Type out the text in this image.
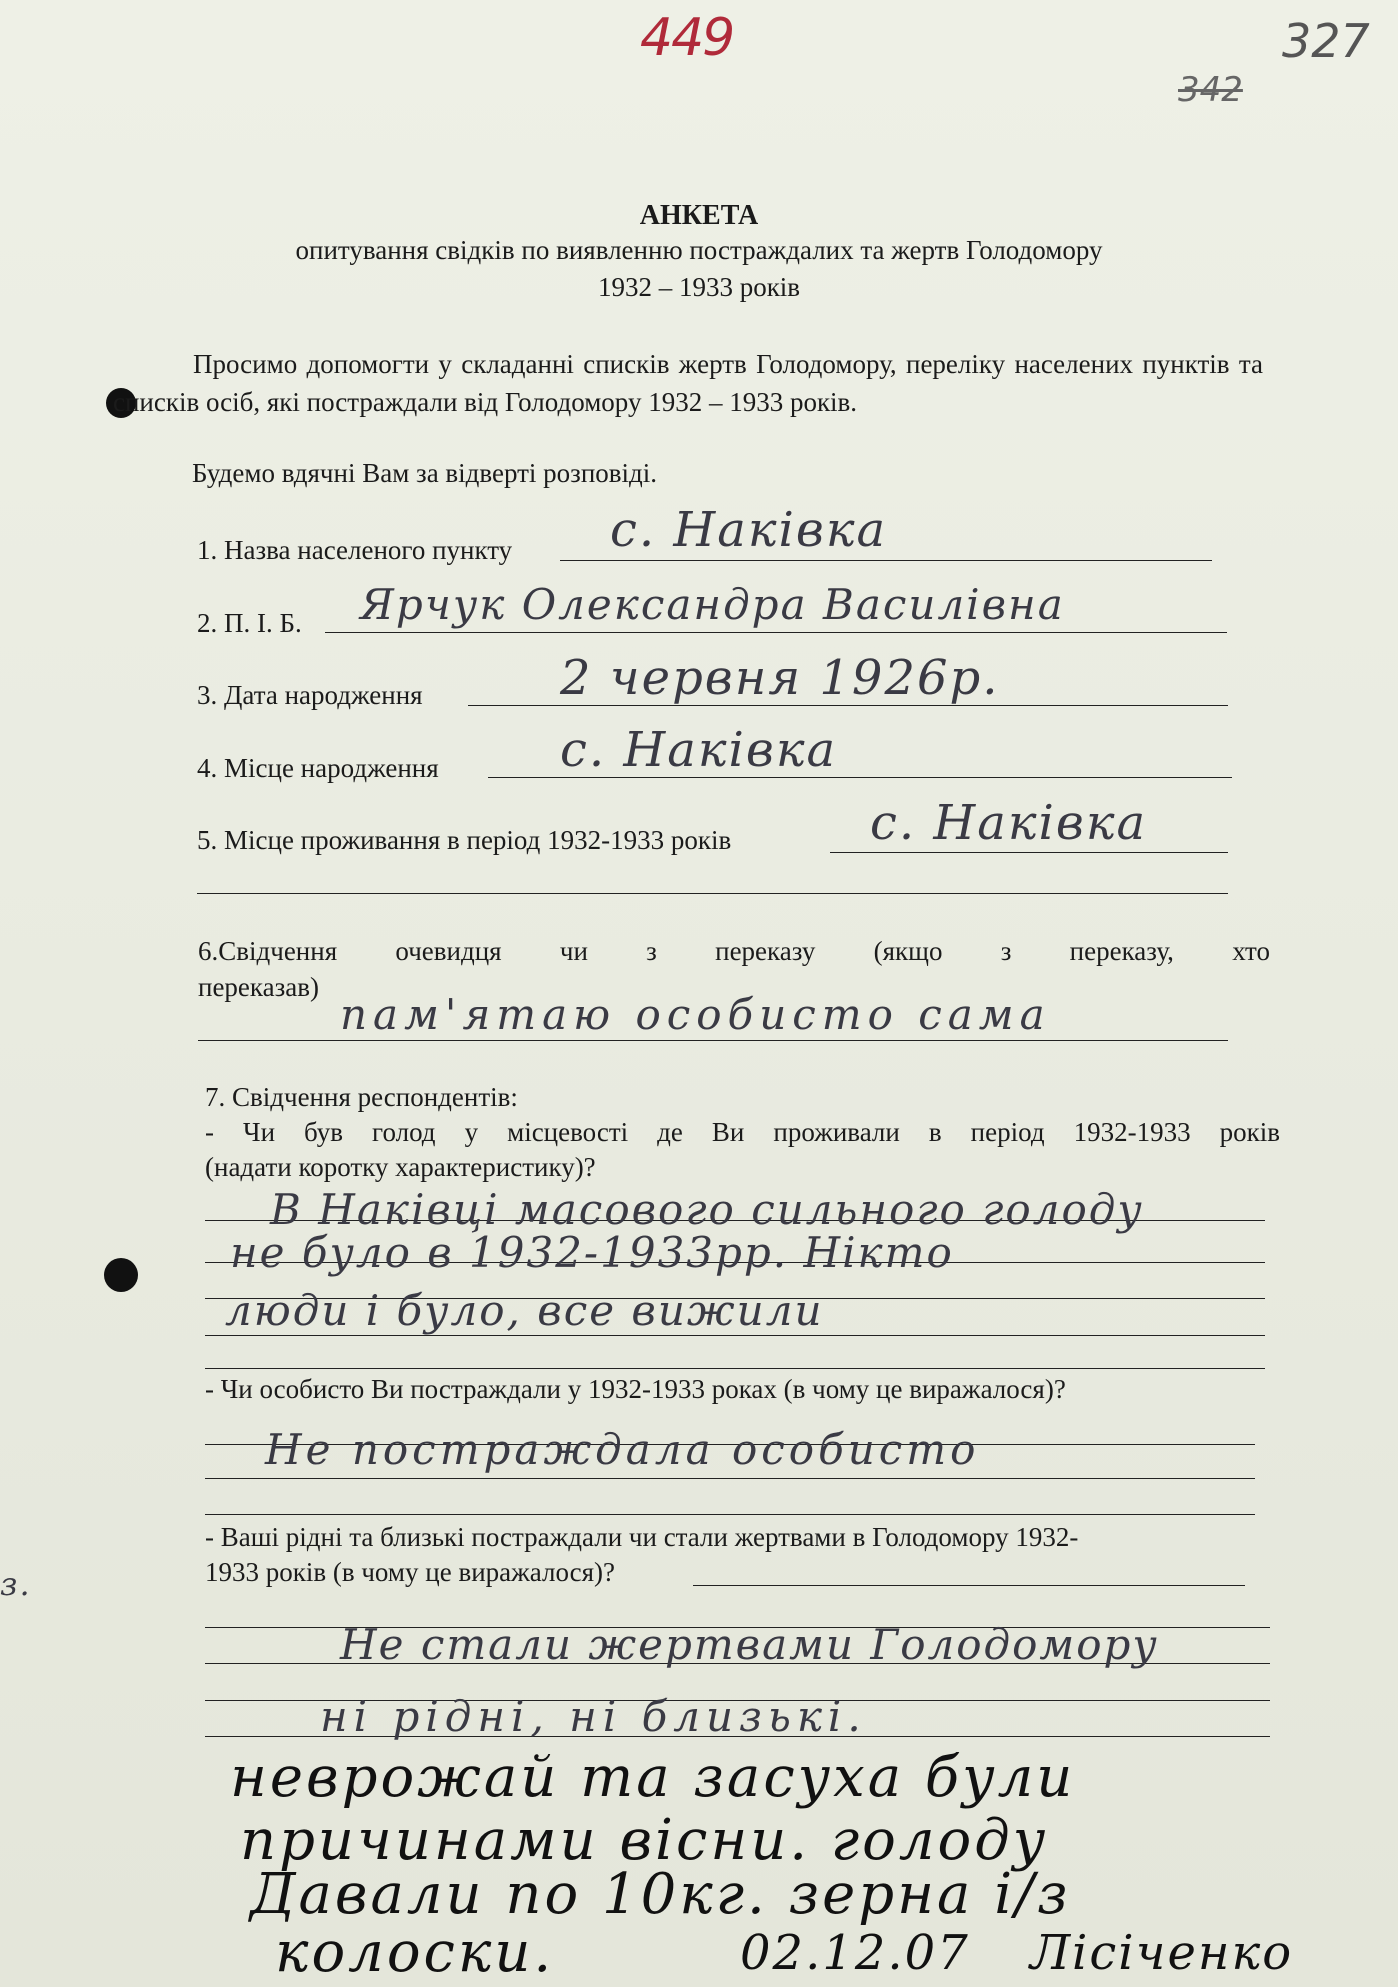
449	327
342
з.
АНКЕТА
опитування свідків по виявленню постраждалих та жертв Голодомору
1932 – 1933 років
Просимо допомогти у складанні списків жертв Голодомору, переліку населених пунктів та списків осіб, які постраждали від Голодомору 1932 – 1933 років.
Будемо вдячні Вам за відверті розповіді.
1. Назва населеного пункту с. Наківка
2. П. І. Б. Ярчук Олександра Василівна
3. Дата народження	2 червня 1926р.
4. Місце народження	с. Наківка
5. Місце проживання в період 1932-1933 років	с. Наківка
6.Свідчення очевидця чи з переказу (якщо з переказу, хто
переказав)
пам'ятаю особисто сама
7. Свідчення респондентів:
- Чи був голод у місцевості де Ви проживали в період 1932-1933 років
(надати коротку характеристику)?
В Наківці масового сильного голоду
не було в 1932-1933рр. Нікто
люди і було, все вижили
- Чи особисто Ви постраждали у 1932-1933 роках (в чому це виражалося)?
Не постраждала особисто
- Ваші рідні та близькі постраждали чи стали жертвами в Голодомору 1932-
1933 років (в чому це виражалося)?
Не стали жертвами Голодомору
ні рідні, ні близькі.
неврожай та засуха були
причинами вісни. голоду
Давали по 10кг. зерна і/з
колоски.	02.12.07 Лісіченко
